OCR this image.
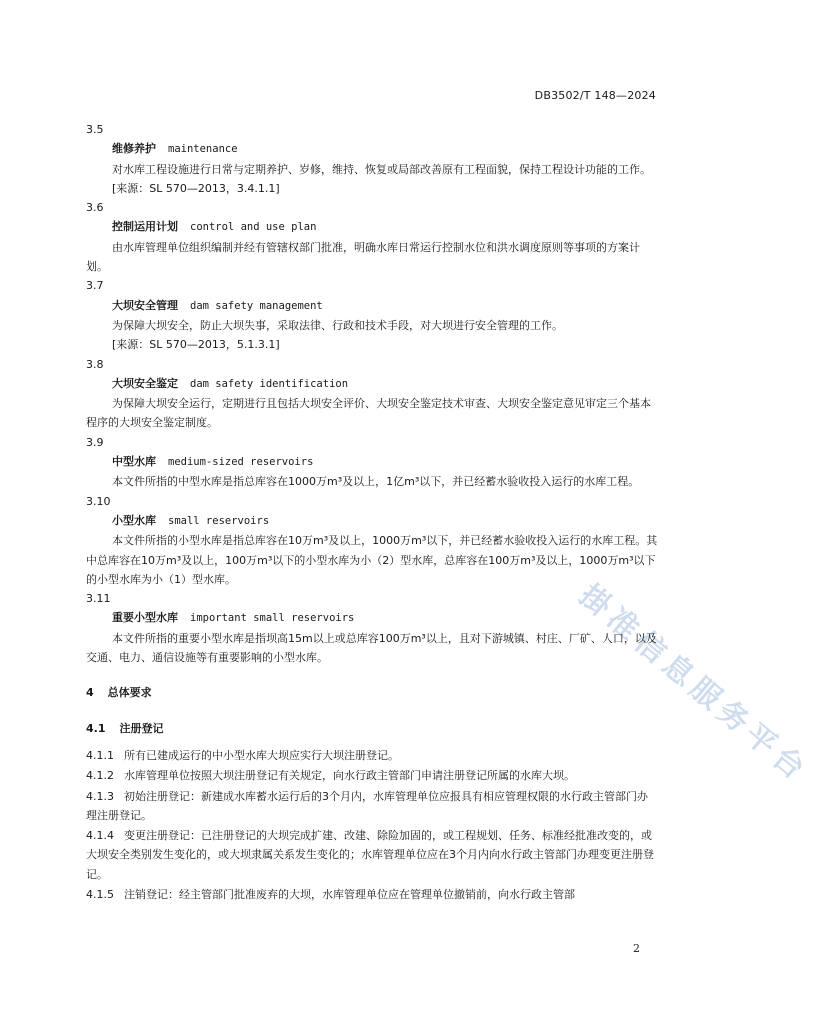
DB3502/T 148—2024
掛准信息服务平台
3.5
维修养护 maintenance
对水库工程设施进行日常与定期养护、岁修，维持、恢复或局部改善原有工程面貌，保持工程设计功能的工作。
[来源：SL 570—2013，3.4.1.1]
3.6
控制运用计划 control and use plan
由水库管理单位组织编制并经有管辖权部门批准，明确水库日常运行控制水位和洪水调度原则等事项的方案计划。
3.7
大坝安全管理 dam safety management
为保障大坝安全，防止大坝失事，采取法律、行政和技术手段，对大坝进行安全管理的工作。
[来源：SL 570—2013，5.1.3.1]
3.8
大坝安全鉴定 dam safety identification
为保障大坝安全运行，定期进行且包括大坝安全评价、大坝安全鉴定技术审查、大坝安全鉴定意见审定三个基本程序的大坝安全鉴定制度。
3.9
中型水库 medium-sized reservoirs
本文件所指的中型水库是指总库容在1000万m³及以上，1亿m³以下，并已经蓄水验收投入运行的水库工程。
3.10
小型水库 small reservoirs
本文件所指的小型水库是指总库容在10万m³及以上，1000万m³以下，并已经蓄水验收投入运行的水库工程。其中总库容在10万m³及以上，100万m³以下的小型水库为小（2）型水库，总库容在100万m³及以上，1000万m³以下的小型水库为小（1）型水库。
3.11
重要小型水库 important small reservoirs
本文件所指的重要小型水库是指坝高15m以上或总库容100万m³以上，且对下游城镇、村庄、厂矿、人口，以及交通、电力、通信设施等有重要影响的小型水库。
4 总体要求
4.1 注册登记
4.1.1 所有已建成运行的中小型水库大坝应实行大坝注册登记。
4.1.2 水库管理单位按照大坝注册登记有关规定，向水行政主管部门申请注册登记所属的水库大坝。
4.1.3 初始注册登记：新建成水库蓄水运行后的3个月内，水库管理单位应报具有相应管理权限的水行政主管部门办理注册登记。
4.1.4 变更注册登记：已注册登记的大坝完成扩建、改建、除险加固的，或工程规划、任务、标准经批准改变的，或大坝安全类别发生变化的，或大坝隶属关系发生变化的；水库管理单位应在3个月内向水行政主管部门办理变更注册登记。
4.1.5 注销登记：经主管部门批准废弃的大坝，水库管理单位应在管理单位撤销前，向水行政主管部
2
